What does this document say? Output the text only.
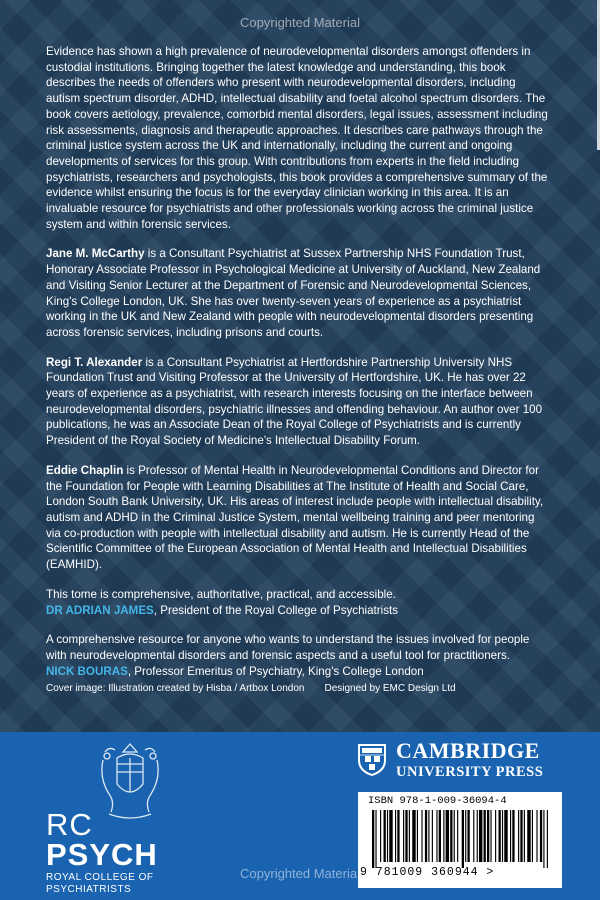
Copyrighted Material

Evidence has shown a high prevalence of neurodevelopmental disorders amongst offenders in custodial institutions. Bringing together the latest knowledge and understanding, this book describes the needs of offenders who present with neurodevelopmental disorders, including autism spectrum disorder, ADHD, intellectual disability and foetal alcohol spectrum disorders. The book covers aetiology, prevalence, comorbid mental disorders, legal issues, assessment including risk assessments, diagnosis and therapeutic approaches. It describes care pathways through the criminal justice system across the UK and internationally, including the current and ongoing developments of services for this group. With contributions from experts in the field including psychiatrists, researchers and psychologists, this book provides a comprehensive summary of the evidence whilst ensuring the focus is for the everyday clinician working in this area. It is an invaluable resource for psychiatrists and other professionals working across the criminal justice system and within forensic services.

Jane M. McCarthy is a Consultant Psychiatrist at Sussex Partnership NHS Foundation Trust, Honorary Associate Professor in Psychological Medicine at University of Auckland, New Zealand and Visiting Senior Lecturer at the Department of Forensic and Neurodevelopmental Sciences, King's College London, UK. She has over twenty-seven years of experience as a psychiatrist working in the UK and New Zealand with people with neurodevelopmental disorders presenting across forensic services, including prisons and courts.

Regi T. Alexander is a Consultant Psychiatrist at Hertfordshire Partnership University NHS Foundation Trust and Visiting Professor at the University of Hertfordshire, UK. He has over 22 years of experience as a psychiatrist, with research interests focusing on the interface between neurodevelopmental disorders, psychiatric illnesses and offending behaviour. An author over 100 publications, he was an Associate Dean of the Royal College of Psychiatrists and is currently President of the Royal Society of Medicine's Intellectual Disability Forum.

Eddie Chaplin is Professor of Mental Health in Neurodevelopmental Conditions and Director for the Foundation for People with Learning Disabilities at The Institute of Health and Social Care, London South Bank University, UK. His areas of interest include people with intellectual disability, autism and ADHD in the Criminal Justice System, mental wellbeing training and peer mentoring via co-production with people with intellectual disability and autism. He is currently Head of the Scientific Committee of the European Association of Mental Health and Intellectual Disabilities (EAMHID).

This tome is comprehensive, authoritative, practical, and accessible.
DR ADRIAN JAMES, President of the Royal College of Psychiatrists

A comprehensive resource for anyone who wants to understand the issues involved for people with neurodevelopmental disorders and forensic aspects and a useful tool for practitioners.
NICK BOURAS, Professor Emeritus of Psychiatry, King's College London

Cover image: Illustration created by Hisba / Artbox London Designed by EMC Design Ltd
RC
PSYCH
ROYAL COLLEGE OF
PSYCHIATRISTS
CAMBRIDGE
UNIVERSITY PRESS
ISBN 978-1-009-36094-4
9 781009 360944 >
Copyrighted Material
